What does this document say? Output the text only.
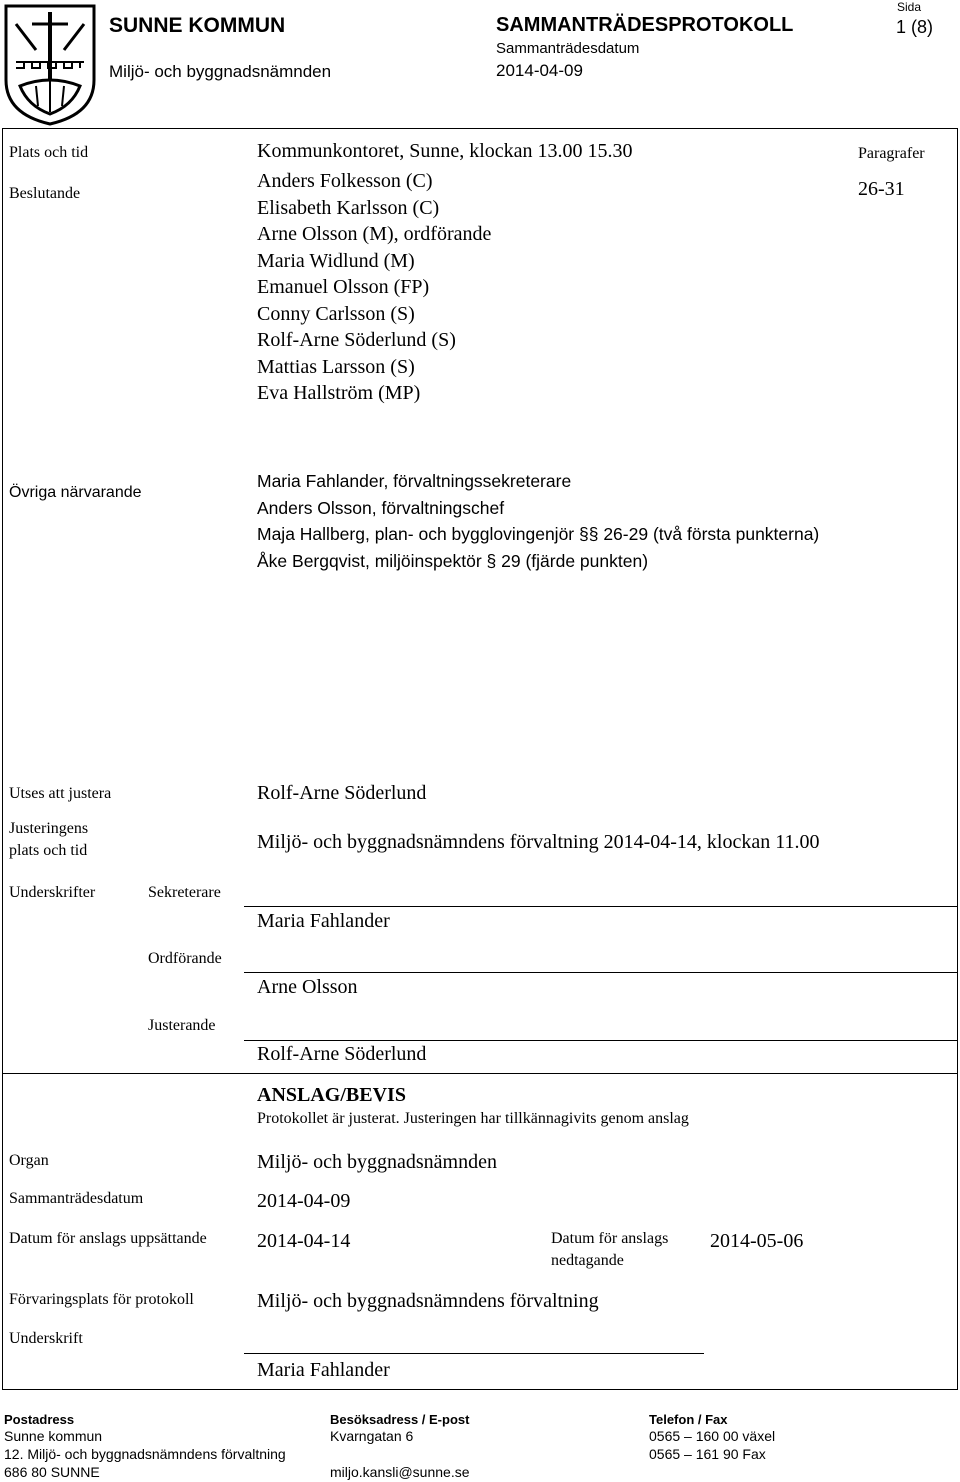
SUNNE KOMMUN
Miljö- och byggnadsnämnden
SAMMANTRÄDESPROTOKOLL
Sammanträdesdatum
2014-04-09
Sida
1 (8)
Plats och tid	Kommunkontoret, Sunne, klockan 13.00 15.30	Paragrafer
26-31
Beslutande
Anders Folkesson (C)
Elisabeth Karlsson (C)
Arne Olsson (M), ordförande
Maria Widlund (M)
Emanuel Olsson (FP)
Conny Carlsson (S)
Rolf-Arne Söderlund (S)
Mattias Larsson (S)
Eva Hallström (MP)
Övriga närvarande
Maria Fahlander, förvaltningssekreterare
Anders Olsson, förvaltningschef
Maja Hallberg, plan- och bygglovingenjör §§ 26-29 (två första punkterna)
Åke Bergqvist, miljöinspektör § 29 (fjärde punkten)
Utses att justera	Rolf-Arne Söderlund
Justeringens
plats och tid	Miljö- och byggnadsnämndens förvaltning 2014-04-14, klockan 11.00
Underskrifter	Sekreterare
Maria Fahlander
Ordförande
Arne Olsson
Justerande
Rolf-Arne Söderlund
ANSLAG/BEVIS
Protokollet är justerat. Justeringen har tillkännagivits genom anslag
Organ	Miljö- och byggnadsnämnden
Sammanträdesdatum	2014-04-09
Datum för anslags uppsättande	2014-04-14	Datum för anslags
nedtagande
2014-05-06
Förvaringsplats för protokoll	Miljö- och byggnadsnämndens förvaltning
Underskrift
Maria Fahlander
Postadress
Sunne kommun
12. Miljö- och byggnadsnämndens förvaltning
686 80 SUNNE
Besöksadress / E-post
Kvarngatan 6
miljo.kansli@sunne.se
Telefon / Fax
0565 – 160 00 växel
0565 – 161 90 Fax
